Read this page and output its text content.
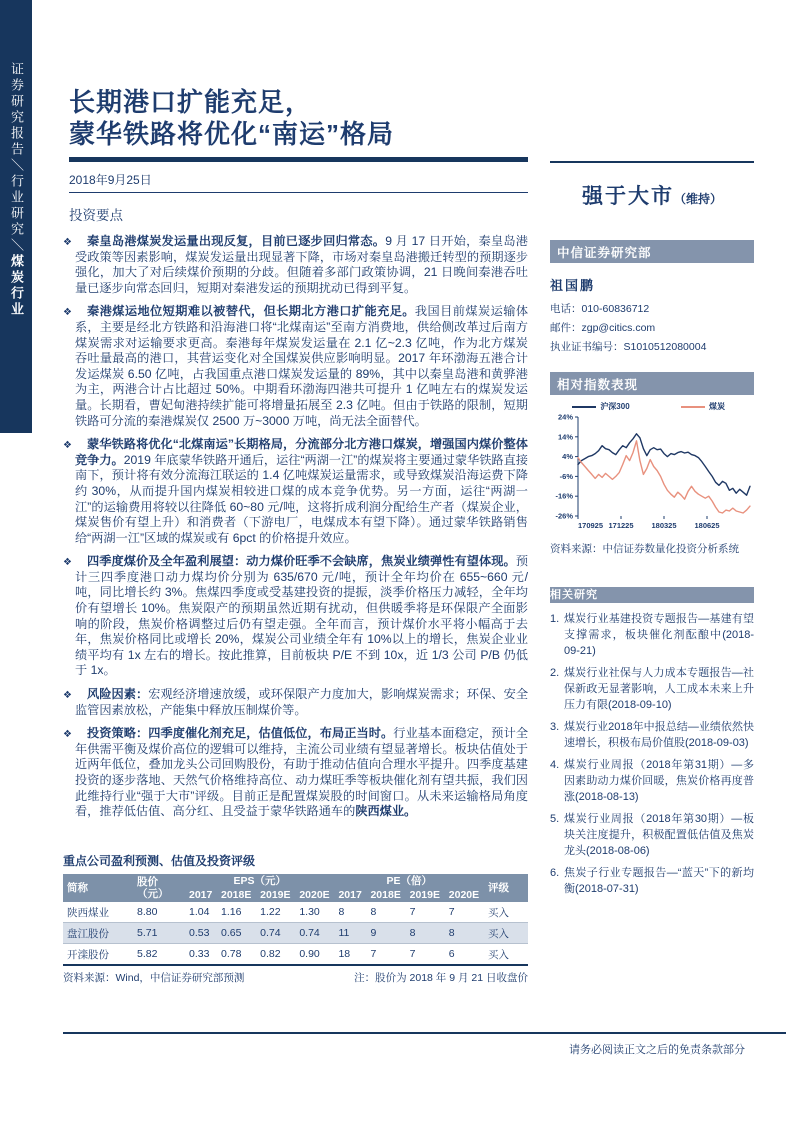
证券研究报告＼行业研究＼煤炭行业
长期港口扩能充足，
蒙华铁路将优化“南运”格局
2018年9月25日
投资要点
❖ 秦皇岛港煤炭发运量出现反复，目前已逐步回归常态。9 月 17 日开始，秦皇岛港受政策等因素影响，煤炭发运量出现显著下降，市场对秦皇岛港搬迁转型的预期逐步强化，加大了对后续煤价预期的分歧。但随着多部门政策协调，21 日晚间秦港吞吐量已逐步向常态回归，短期对秦港发运的预期扰动已得到平复。
❖ 秦港煤运地位短期难以被替代，但长期北方港口扩能充足。我国目前煤炭运输体系，主要是经北方铁路和沿海港口将“北煤南运”至南方消费地，供给侧改革过后南方煤炭需求对运输要求更高。秦港每年煤炭发运量在 2.1 亿~2.3 亿吨，作为北方煤炭吞吐量最高的港口，其营运变化对全国煤炭供应影响明显。2017 年环渤海五港合计发运煤炭 6.50 亿吨，占我国重点港口煤炭发运量的 89%，其中以秦皇岛港和黄骅港为主，两港合计占比超过 50%。中期看环渤海四港共可提升 1 亿吨左右的煤炭发运量。长期看，曹妃甸港持续扩能可将增量拓展至 2.3 亿吨。但由于铁路的限制，短期铁路可分流的秦港煤炭仅 2500 万~3000 万吨，尚无法全面替代。
❖ 蒙华铁路将优化“北煤南运”长期格局，分流部分北方港口煤炭，增强国内煤价整体竞争力。2019 年底蒙华铁路开通后，运往“两湖一江”的煤炭将主要通过蒙华铁路直接南下，预计将有效分流海江联运的 1.4 亿吨煤炭运量需求，或导致煤炭沿海运费下降约 30%，从而提升国内煤炭相较进口煤的成本竞争优势。另一方面，运往“两湖一江”的运输费用将较以往降低 60~80 元/吨，这将折成利润分配给生产者（煤炭企业，煤炭售价有望上升）和消费者（下游电厂，电煤成本有望下降）。通过蒙华铁路销售给“两湖一江”区域的煤炭或有 6pct 的价格提升效应。
❖ 四季度煤价及全年盈利展望：动力煤价旺季不会缺席，焦炭业绩弹性有望体现。预计三四季度港口动力煤均价分别为 635/670 元/吨，预计全年均价在 655~660 元/吨，同比增长约 3%。焦煤四季度或受基建投资的提振，淡季价格压力减轻，全年均价有望增长 10%。焦炭限产的预期虽然近期有扰动，但供暖季将是环保限产全面影响的阶段，焦炭价格调整过后仍有望走强。全年而言，预计煤价水平将小幅高于去年，焦炭价格同比或增长 20%，煤炭公司业绩全年有 10%以上的增长，焦炭企业业绩平均有 1x 左右的增长。按此推算，目前板块 P/E 不到 10x，近 1/3 公司 P/B 仍低于 1x。
❖ 风险因素：宏观经济增速放缓，或环保限产力度加大，影响煤炭需求；环保、安全监管因素放松，产能集中释放压制煤价等。
❖ 投资策略：四季度催化剂充足，估值低位，布局正当时。行业基本面稳定，预计全年供需平衡及煤价高位的逻辑可以维持，主流公司业绩有望显著增长。板块估值处于近两年低位，叠加龙头公司回购股份，有助于推动估值向合理水平提升。四季度基建投资的逐步落地、天然气价格维持高位、动力煤旺季等板块催化剂有望共振，我们因此维持行业“强于大市”评级。目前正是配置煤炭股的时间窗口。从未来运输格局角度看，推荐低估值、高分红、且受益于蒙华铁路通车的陕西煤业。
重点公司盈利预测、估值及投资评级
简称	股价
（元）	EPS（元）				PE（倍）				评级
		2017	2018E	2019E	2020E	2017	2018E	2019E	2020E	
陕西煤业	8.80	1.04	1.16	1.22	1.30	8	8	7	7	买入
盘江股份	5.71	0.53	0.65	0.74	0.74	11	9	8	8	买入
开滦股份	5.82	0.33	0.78	0.82	0.90	18	7	7	6	买入
资料来源：Wind，中信证券研究部预测	注：股价为 2018 年 9 月 21 日收盘价
强于大市（维持）
中信证券研究部
祖国鹏
电话：010-60836712
邮件：zgp@citics.com
执业证书编号：S1010512080004
相对指数表现
沪深300	煤炭
24%
14%
4%
-6%
-16%
-26%
170925 171225 180325 180625
资料来源：中信证券数量化投资分析系统
相关研究
1. 煤炭行业基建投资专题报告—基建有望支撑需求，板块催化剂酝酿中(2018-09-21)
2. 煤炭行业社保与人力成本专题报告—社保新政无显著影响，人工成本未来上升压力有限(2018-09-10)
3. 煤炭行业2018年中报总结—业绩依然快速增长，积极布局价值股(2018-09-03)
4. 煤炭行业周报（2018年第31期）—多因素助动力煤价回暖，焦炭价格再度普涨(2018-08-13)
5. 煤炭行业周报（2018年第30期）—板块关注度提升，积极配置低估值及焦炭龙头(2018-08-06)
6. 焦炭子行业专题报告—“蓝天”下的新均衡(2018-07-31)
请务必阅读正文之后的免责条款部分
